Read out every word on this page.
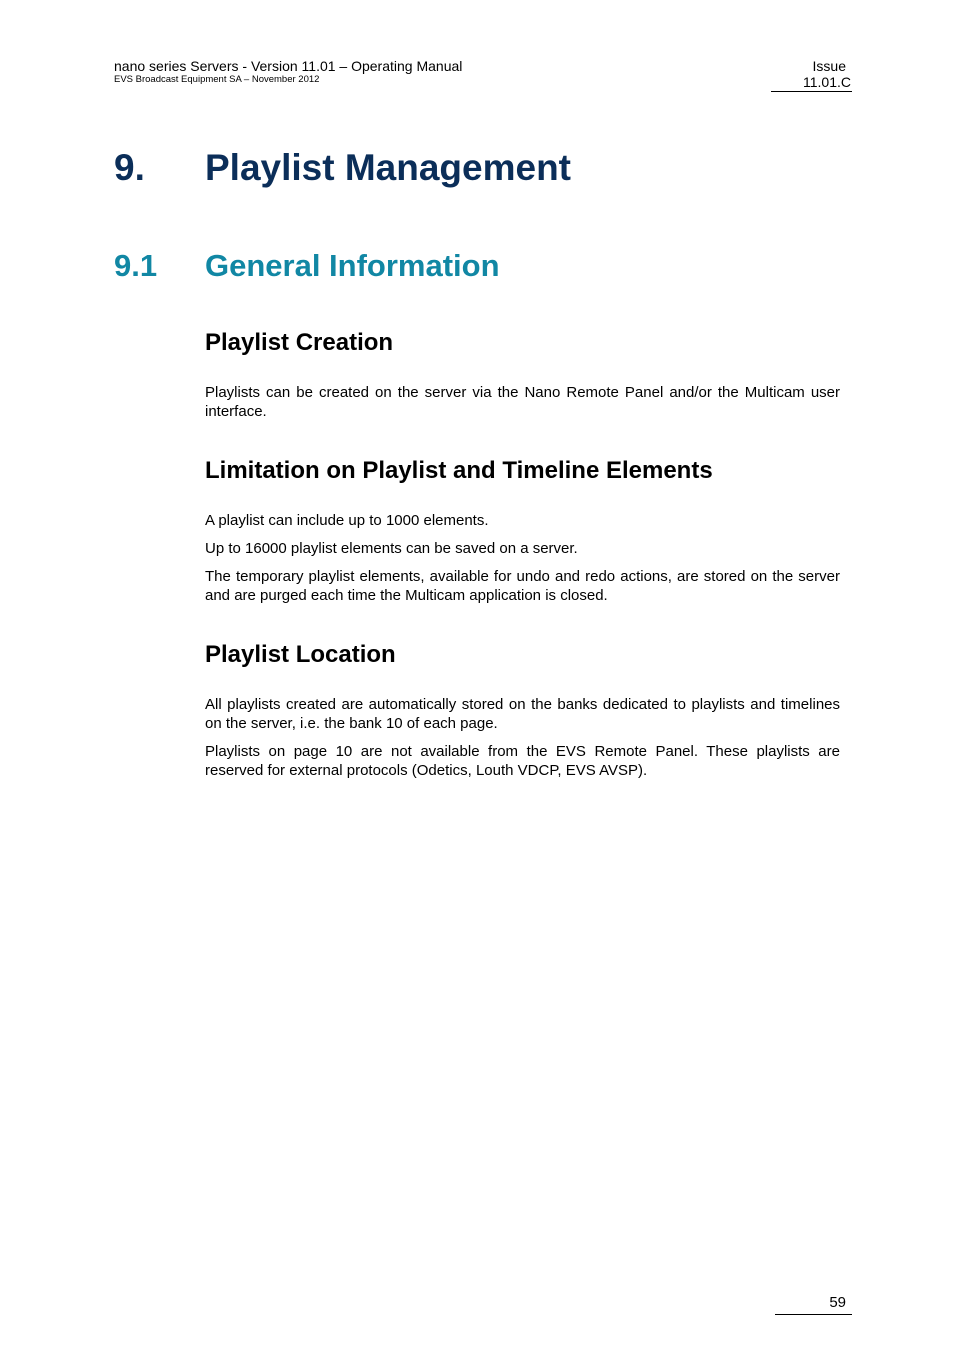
nano series Servers - Version 11.01 – Operating Manual
EVS Broadcast Equipment SA – November 2012
Issue
11.01.C
9. Playlist Management
9.1 General Information
Playlist Creation

Playlists can be created on the server via the Nano Remote Panel and/or the Multicam user interface.

Limitation on Playlist and Timeline Elements

A playlist can include up to 1000 elements.

Up to 16000 playlist elements can be saved on a server.

The temporary playlist elements, available for undo and redo actions, are stored on the server and are purged each time the Multicam application is closed.

Playlist Location

All playlists created are automatically stored on the banks dedicated to playlists and timelines on the server, i.e. the bank 10 of each page.

Playlists on page 10 are not available from the EVS Remote Panel. These playlists are reserved for external protocols (Odetics, Louth VDCP, EVS AVSP).

59
